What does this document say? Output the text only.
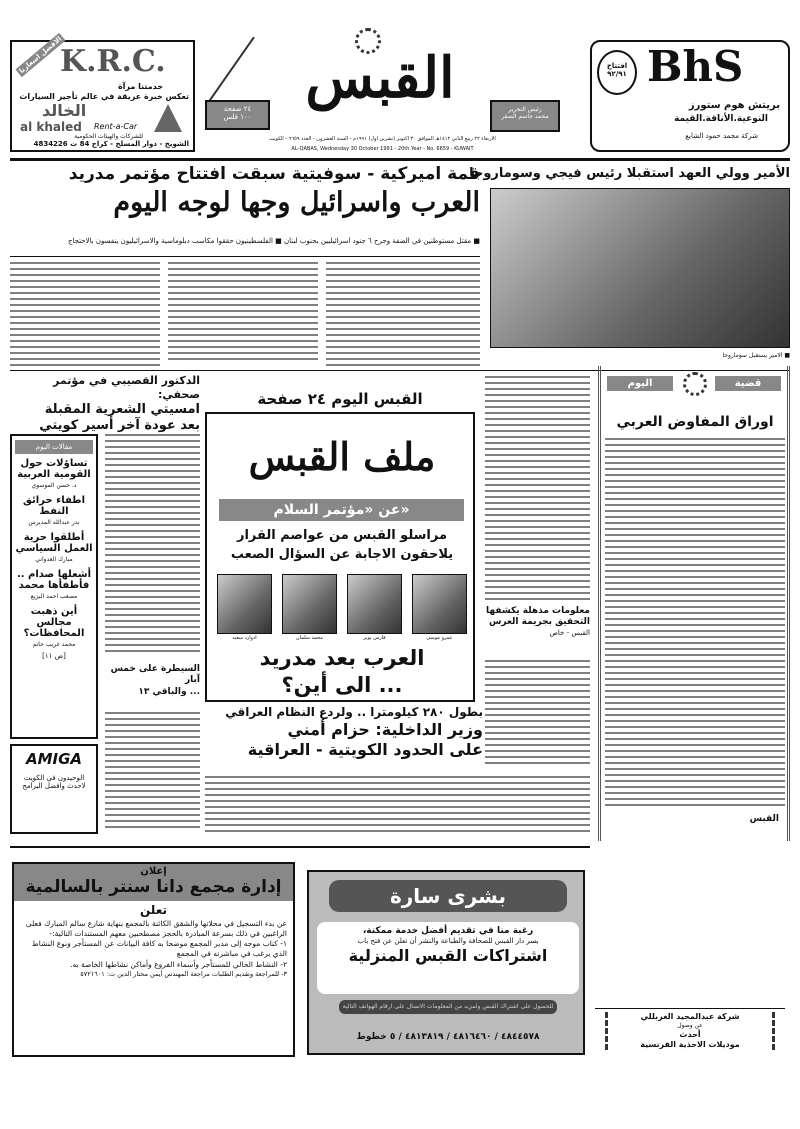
الافضل اسعارنا
K.R.C.
خدمتنا مرآة
تعكس خبرة عريقة في عالم تأجير السيارات
الخالد
al khaled Rent-a-Car
للشركات والهيئات الحكومية
الشويخ - دوار المسلخ - كراج 84 ت 4834226
٢٤ صفحة
١٠٠ فلس
القبس	رئيس التحرير
محمد جاسم الصقر
الاربعاء ٢٢ ربيع الثاني ١٤١٢هـ الموافق ٣٠ اكتوبر (تشرين اول) ١٩٩١م - السنة العشرون - العدد ٦٦٥٩ - الكويت
AL-QABAS, Wednesday 30 October 1991 - 20th Year - No. 6659 - KUWAIT
افتتاح ٩٢/٩١ BhS
بريتش هوم ستورز
النوعية.الأناقة.القيمة
شركة محمد حمود الشايع
قمة اميركية - سوفيتية سبقت افتتاح مؤتمر مدريد
العرب واسرائيل وجها لوجه اليوم
■ مقتل مستوطنين في الضفة وجرح ٦ جنود اسرائيليين بجنوب لبنان ■ الفلسطينيون حققوا مكاسب دبلوماسية والاسرائيليون ينفسون بالاحتجاج
الأمير وولي العهد استقبلا رئيس فيجي وسوماروجا
■ الامير يستقبل سوماروجا
الدكتور القصيبي في مؤتمر صحفي:
امسيتي الشعرية المقبلة
بعد عودة آخر أسير كويتي
مقالات اليوم
تساؤلات حول القومية العربية
د. حسن الموسوي
اطفاء حرائق النفط
بدر عبدالله المديرس
أطلقوا حرية العمل السياسي
مبارك العدواني
أشعلها صدام .. فأطفأها محمد
مصعب احمد البزيع
أين ذهبت مجالس المحافظات؟
محمد غريب حاتم
[ص ١١]
السيطرة على خمس آبار
... والباقي ١٣
AMIGA
الوحيدون في الكويت لاحدث وافضل البرامج
القبس اليوم ٢٤ صفحة
ملف القبس
عن «مؤتمر السلام»
مراسلو القبس من عواصم القرار
يلاحقون الاجابة عن السؤال الصعب
عمرو موسى
فارس بويز
محمد سلمان
ادوارد سعيد
العرب بعد مدريد
... الى أين؟
بطول ٢٨٠ كيلومترا .. ولردع النظام العراقي
وزير الداخلية: حزام أمني
على الحدود الكويتية - العراقية
معلومات مذهلة يكشفها
التحقيق بجريمة العرس
القبس - خاص
قضية
اليوم
اوراق المفاوض العربي
القبس
إعلان
إدارة مجمع دانا سنتر بالسالمية
تعلن
عن بدء التسجيل في محلاتها والشقق الكائنة بالمجمع بنهاية شارع سالم المبارك فعلى الراغبين في ذلك بسرعة المبادرة بالحجز مصطحبين معهم المستندات التالية:-
١- كتاب موجه إلى مدير المجمع موضحا به كافة البيانات عن المستأجر ونوع النشاط الذي يرغب في مباشرته في المجمع
٢- النشاط الحالي للمستأجر وأسماء الفروع وأماكن نشاطها الخاصة به.
٣- للمراجعة وتقديم الطلبات مراجعة المهندس أيمن مختار الدين ت: ٥٧٢١٦٠١
بشرى سارة
رغبة منا في تقديم أفضل خدمة ممكنة،
يسر دار القبس للصحافة والطباعة والنشر أن تعلن عن فتح باب
اشتراكات القبس المنزلية
للحصول على اشتراك القبس ولمزيد من المعلومات الاتصال على ارقام الهواتف التالية
٤٨٤٤٥٧٨ / ٤٨١٦٤٦٠ / ٤٨١٣٨١٩ / ٥ خطوط
شركة عبدالمجيد الغربللي
عن وصول
أحدث
موديلات الاحذية الفرنسية
